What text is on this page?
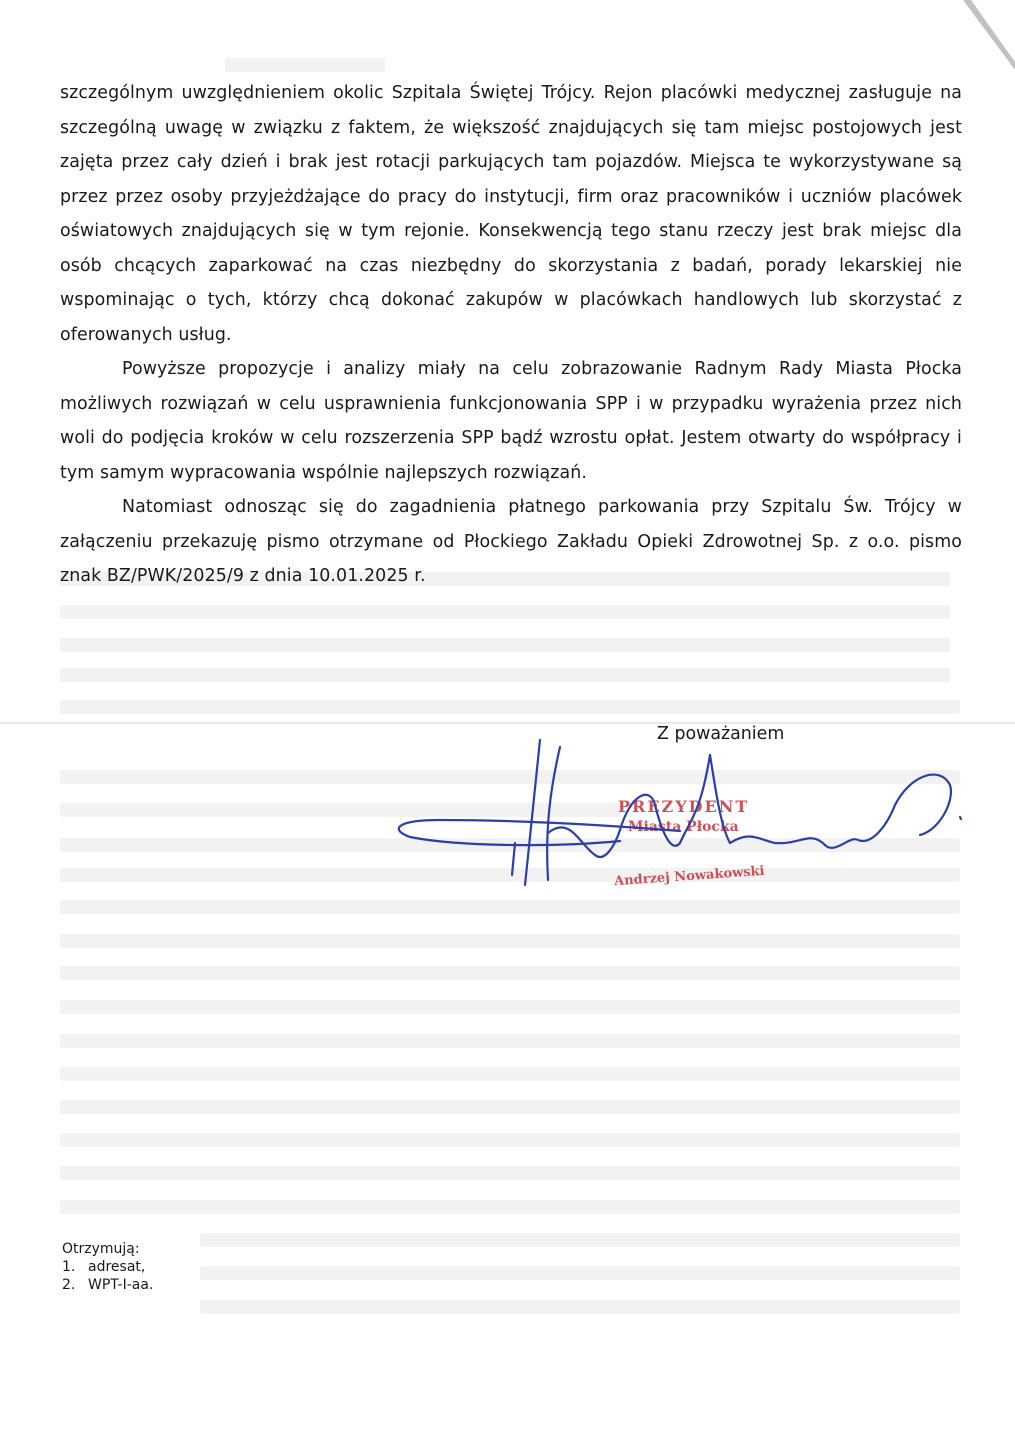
szczególnym uwzględnieniem okolic Szpitala Świętej Trójcy. Rejon placówki medycznej zasługuje na szczególną uwagę w związku z faktem, że większość znajdujących się tam miejsc postojowych jest zajęta przez cały dzień i brak jest rotacji parkujących tam pojazdów. Miejsca te wykorzystywane są przez przez osoby przyjeżdżające do pracy do instytucji, firm oraz pracowników i uczniów placówek oświatowych znajdujących się w tym rejonie. Konsekwencją tego stanu rzeczy jest brak miejsc dla osób chcących zaparkować na czas niezbędny do skorzystania z badań, porady lekarskiej nie wspominając o tych, którzy chcą dokonać zakupów w placówkach handlowych lub skorzystać z oferowanych usług.

Powyższe propozycje i analizy miały na celu zobrazowanie Radnym Rady Miasta Płocka możliwych rozwiązań w celu usprawnienia funkcjonowania SPP i w przypadku wyrażenia przez nich woli do podjęcia kroków w celu rozszerzenia SPP bądź wzrostu opłat. Jestem otwarty do współpracy i tym samym wypracowania wspólnie najlepszych rozwiązań.

Natomiast odnosząc się do zagadnienia płatnego parkowania przy Szpitalu Św. Trójcy w załączeniu przekazuję pismo otrzymane od Płockiego Zakładu Opieki Zdrowotnej Sp. z o.o. pismo znak BZ/PWK/2025/9 z dnia 10.01.2025 r.

Z poważaniem
PREZYDENT
Miasta Płocka
Andrzej Nowakowski
Otrzymują:
1. adresat,
2. WPT-I-aa.
